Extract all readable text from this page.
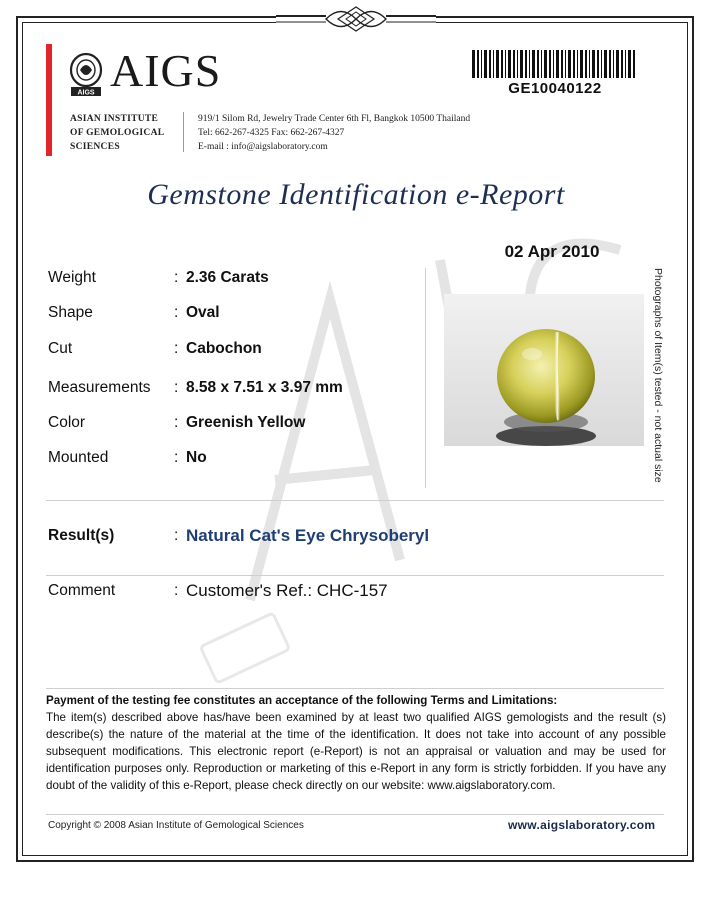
AIGS AIGS
ASIAN INSTITUTE
OF GEMOLOGICAL
SCIENCES
919/1 Silom Rd, Jewelry Trade Center 6th Fl, Bangkok 10500 Thailand
Tel: 662-267-4325 Fax: 662-267-4327
E-mail : info@aigslaboratory.com
GE10040122
Gemstone Identification e-Report
02 Apr 2010
Weight	: 2.36 Carats
Shape	: Oval
Cut	: Cabochon
Measurements : 8.58 x 7.51 x 3.97 mm
Color	: Greenish Yellow
Mounted	: No	Photographs of Item(s) tested - not actual size
Result(s)	: Natural Cat's Eye Chrysoberyl
Comment	: Customer's Ref.: CHC-157
Payment of the testing fee constitutes an acceptance of the following Terms and Limitations:
The item(s) described above has/have been examined by at least two qualified AIGS gemologists and the result (s) describe(s) the nature of the material at the time of the identification. It does not take into account of any possible subsequent modifications. This electronic report (e-Report) is not an appraisal or valuation and may be used for identification purposes only. Reproduction or marketing of this e-Report in any form is strictly forbidden. If you have any doubt of the validity of this e-Report, please check directly on our website: www.aigslaboratory.com.
Copyright © 2008 Asian Institute of Gemological Sciences	www.aigslaboratory.com
